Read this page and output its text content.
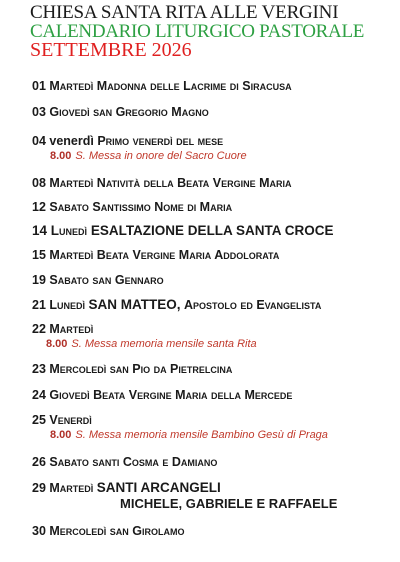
CHIESA SANTA RITA ALLE VERGINI
CALENDARIO LITURGICO PASTORALE
SETTEMBRE 2026
01 Martedì Madonna delle Lacrime di Siracusa
03 Giovedì san Gregorio Magno
04 venerdì Primo venerdì del mese
8.00 S. Messa in onore del Sacro Cuore
08 Martedì Natività della Beata Vergine Maria
12 Sabato Santissimo Nome di Maria
14 Lunedì ESALTAZIONE DELLA SANTA CROCE
15 Martedì Beata Vergine Maria Addolorata
19 Sabato san Gennaro
21 Lunedì SAN MATTEO, Apostolo ed Evangelista
22 Martedì
8.00 S. Messa memoria mensile santa Rita
23 Mercoledì san Pio da Pietrelcina
24 Giovedì Beata Vergine Maria della Mercede
25 Venerdì
8.00 S. Messa memoria mensile Bambino Gesù di Praga
26 Sabato santi Cosma e Damiano
29 Martedì SANTI ARCANGELI
MICHELE, GABRIELE E RAFFAELE
30 Mercoledì san Girolamo
